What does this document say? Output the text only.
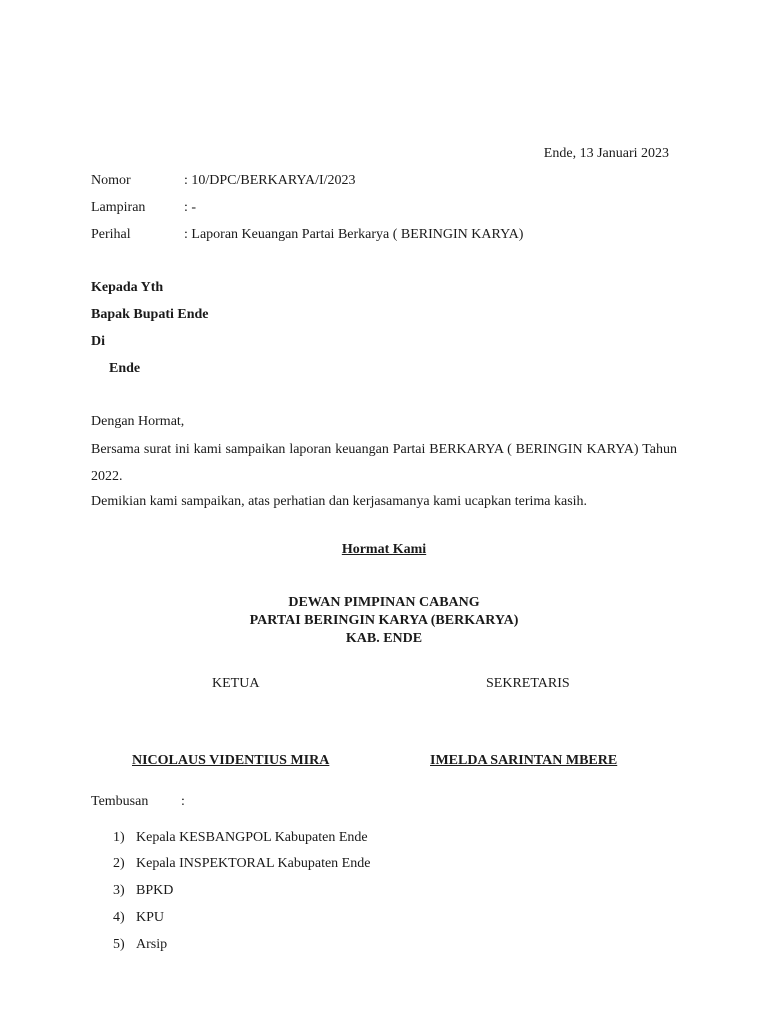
Ende, 13 Januari 2023
Nomor	: 10/DPC/BERKARYA/I/2023
Lampiran	: -
Perihal	: Laporan Keuangan Partai Berkarya ( BERINGIN KARYA)
Kepada Yth
Bapak Bupati Ende
Di
Ende
Dengan Hormat,
Bersama surat ini kami sampaikan laporan keuangan Partai BERKARYA ( BERINGIN KARYA) Tahun 2022.
Demikian kami sampaikan, atas perhatian dan kerjasamanya kami ucapkan terima kasih.
Hormat Kami
DEWAN PIMPINAN CABANG
PARTAI BERINGIN KARYA (BERKARYA)
KAB. ENDE
KETUA	SEKRETARIS
NICOLAUS VIDENTIUS MIRA	IMELDA SARINTAN MBERE
Tembusan :
1) Kepala KESBANGPOL Kabupaten Ende
2) Kepala INSPEKTORAL Kabupaten Ende
3) BPKD
4) KPU
5) Arsip
